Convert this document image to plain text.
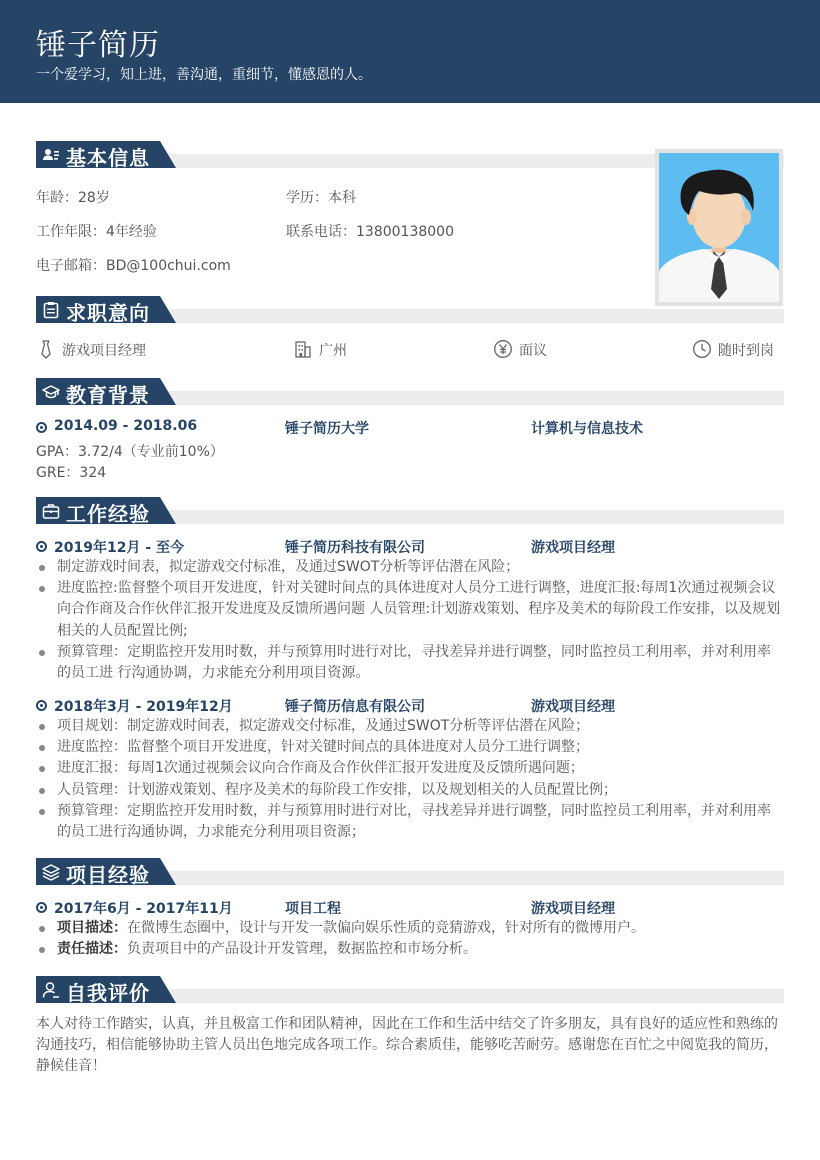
锤子简历
一个爱学习，知上进，善沟通，重细节，懂感恩的人。
基本信息
年龄：28岁	学历：本科
工作年限：4年经验	联系电话：13800138000
电子邮箱：BD@100chui.com
求职意向
游戏项目经理	广州	面议	随时到岗
教育背景
2014.09 - 2018.06	锤子简历大学	计算机与信息技术
GPA：3.72/4（专业前10%）
GRE：324
工作经验
2019年12月 - 至今	锤子简历科技有限公司	游戏项目经理
制定游戏时间表，拟定游戏交付标准，及通过SWOT分析等评估潜在风险；
进度监控:监督整个项目开发进度，针对关键时间点的具体进度对人员分工进行调整，进度汇报:每周1次通过视频会议向合作商及合作伙伴汇报开发进度及反馈所遇问题 人员管理:计划游戏策划、程序及美术的每阶段工作安排，以及规划相关的人员配置比例;
预算管理：定期监控开发用时数，并与预算用时进行对比，寻找差异并进行调整，同时监控员工利用率，并对利用率的员工进 行沟通协调，力求能充分利用项目资源。
2018年3月 - 2019年12月	锤子简历信息有限公司	游戏项目经理
项目规划：制定游戏时间表，拟定游戏交付标准，及通过SWOT分析等评估潜在风险；
进度监控：监督整个项目开发进度，针对关键时间点的具体进度对人员分工进行调整；
进度汇报：每周1次通过视频会议向合作商及合作伙伴汇报开发进度及反馈所遇问题；
人员管理：计划游戏策划、程序及美术的每阶段工作安排，以及规划相关的人员配置比例；
预算管理：定期监控开发用时数，并与预算用时进行对比，寻找差异并进行调整，同时监控员工利用率，并对利用率的员工进行沟通协调，力求能充分利用项目资源；
项目经验
2017年6月 - 2017年11月	项目工程	游戏项目经理
项目描述：在微博生态圈中，设计与开发一款偏向娱乐性质的竞猜游戏，针对所有的微博用户。
责任描述：负责项目中的产品设计开发管理，数据监控和市场分析。
自我评价
本人对待工作踏实，认真，并且极富工作和团队精神，因此在工作和生活中结交了许多朋友，具有良好的适应性和熟练的沟通技巧，相信能够协助主管人员出色地完成各项工作。综合素质佳，能够吃苦耐劳。感谢您在百忙之中阅览我的简历，静候佳音！
